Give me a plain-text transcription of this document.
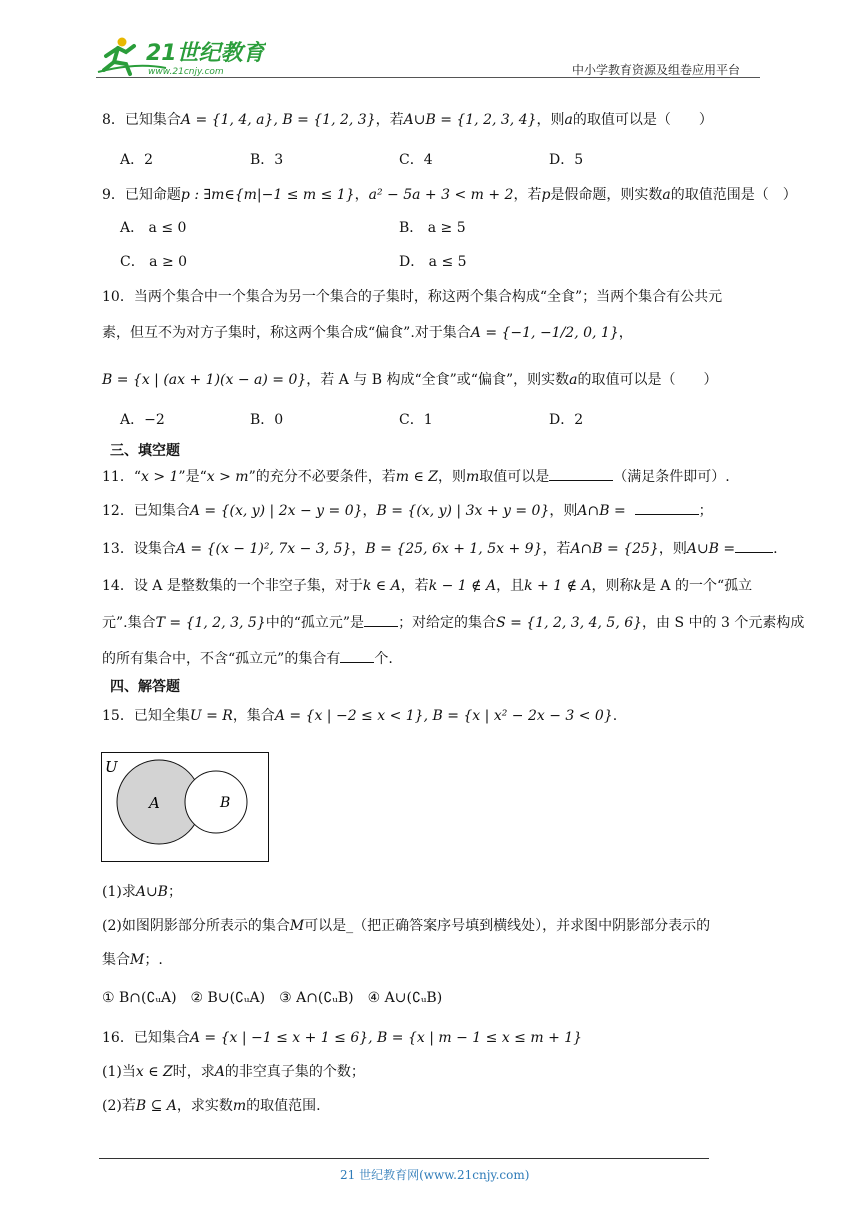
21世纪教育
www.21cnjy.com	中小学教育资源及组卷应用平台
8．已知集合A = {1, 4, a}, B = {1, 2, 3}，若A∪B = {1, 2, 3, 4}，则a的取值可以是（　　）
A．2	B．3	C．4	D．5
9．已知命题p : ∃m∈{m|−1 ≤ m ≤ 1}，a² − 5a + 3 < m + 2，若p是假命题，则实数a的取值范围是（　）
A． a ≤ 0	B． a ≥ 5
C． a ≥ 0	D． a ≤ 5
10．当两个集合中一个集合为另一个集合的子集时，称这两个集合构成“全食”；当两个集合有公共元
素，但互不为对方子集时，称这两个集合成“偏食”.对于集合A = {−1, −1/2, 0, 1}，
B = {x | (ax + 1)(x − a) = 0}，若 A 与 B 构成“全食”或“偏食”，则实数a的取值可以是（　　）
A．−2	B．0	C．1	D．2
三、填空题
11．“x > 1”是“x > m”的充分不必要条件，若m ∈ Z，则m取值可以是	（满足条件即可）.
12．已知集合A = {(x, y) | 2x − y = 0}，B = {(x, y) | 3x + y = 0}，则A∩B =	；
13．设集合A = {(x − 1)², 7x − 3, 5}，B = {25, 6x + 1, 5x + 9}，若A∩B = {25}，则A∪B =	.
14．设 A 是整数集的一个非空子集，对于k ∈ A，若k − 1 ∉ A，且k + 1 ∉ A，则称k是 A 的一个“孤立
元”.集合T = {1, 2, 3, 5}中的“孤立元”是 ；对给定的集合S = {1, 2, 3, 4, 5, 6}，由 S 中的 3 个元素构成
的所有集合中，不含“孤立元”的集合有 个.
四、解答题
15．已知全集U = R，集合A = {x | −2 ≤ x < 1}, B = {x | x² − 2x − 3 < 0}.
U
A	B
(1)求A∪B；
(2)如图阴影部分所表示的集合M可以是_（把正确答案序号填到横线处），并求图中阴影部分表示的
集合M；.
① B∩(∁ᵤA)　② B∪(∁ᵤA)　③ A∩(∁ᵤB)　④ A∪(∁ᵤB)
16．已知集合A = {x | −1 ≤ x + 1 ≤ 6}, B = {x | m − 1 ≤ x ≤ m + 1}
(1)当x ∈ Z时，求A的非空真子集的个数；
(2)若B ⊆ A，求实数m的取值范围.
21 世纪教育网(www.21cnjy.com)
